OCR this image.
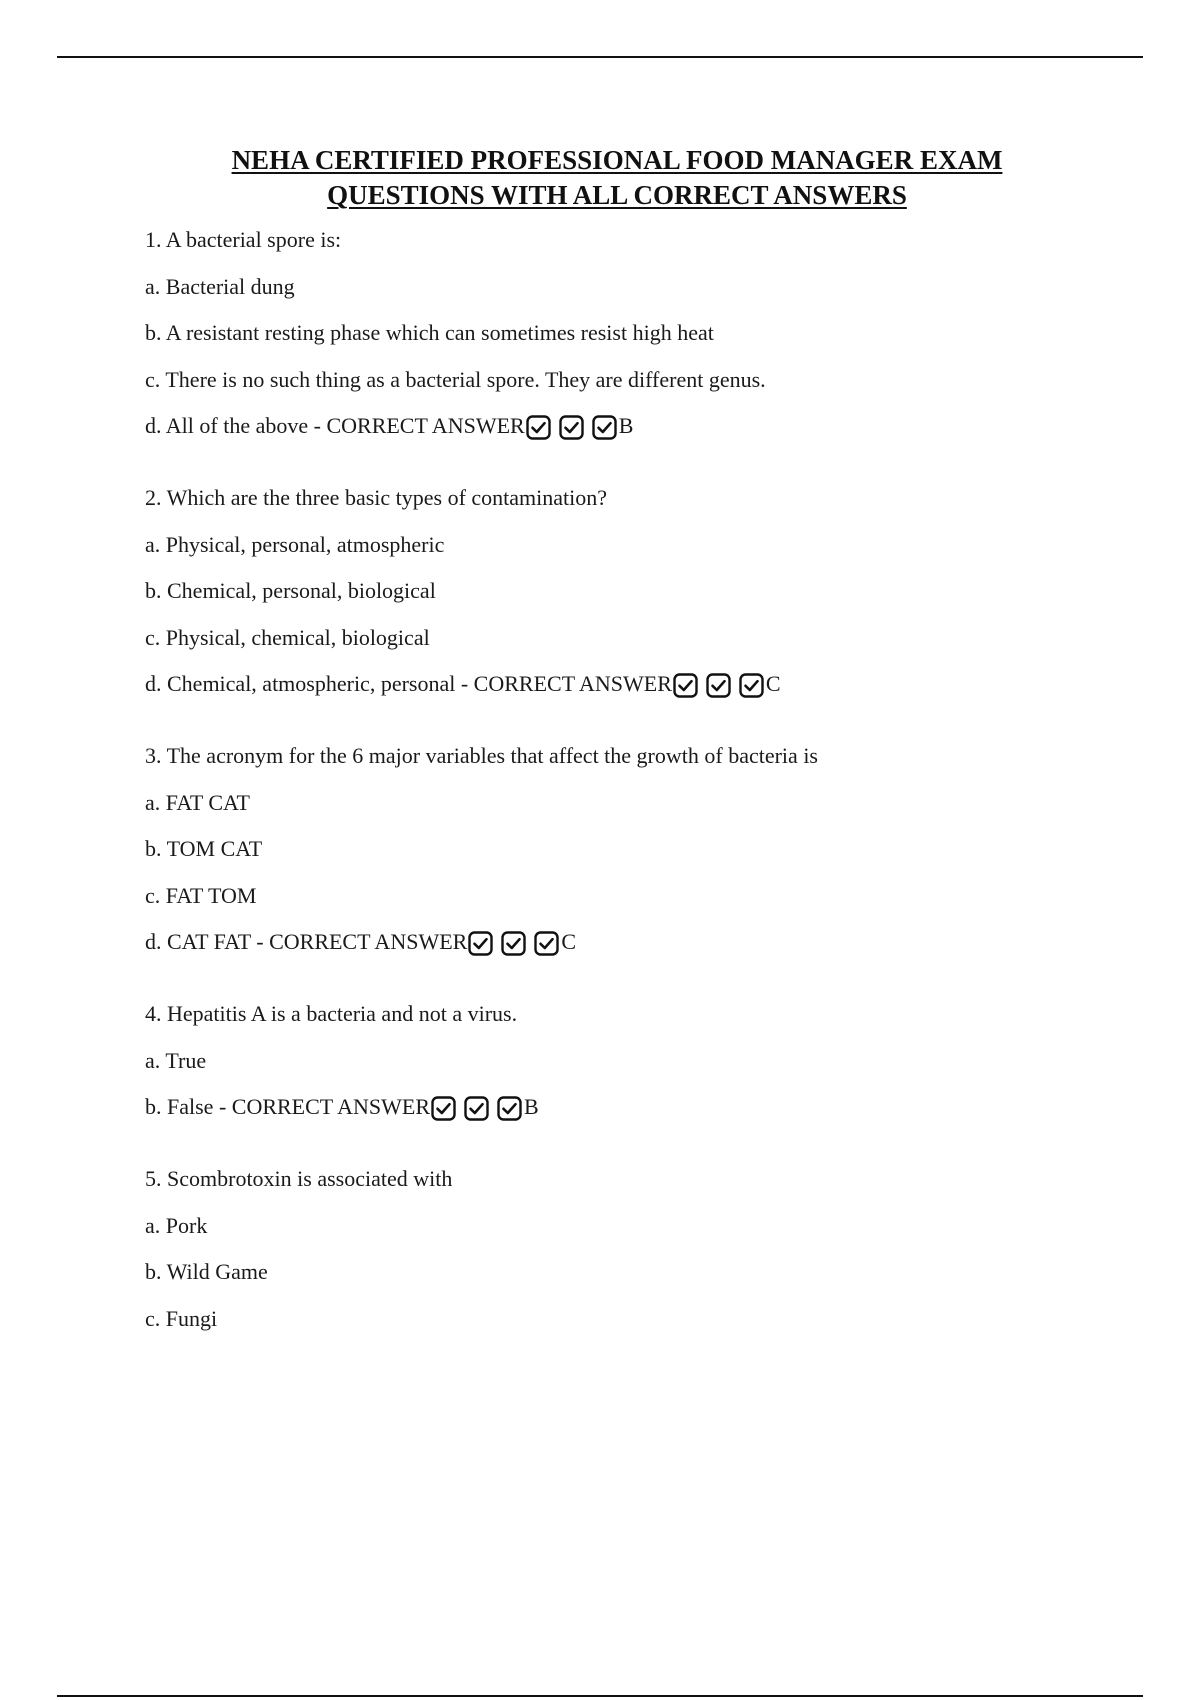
NEHA CERTIFIED PROFESSIONAL FOOD MANAGER EXAM
QUESTIONS WITH ALL CORRECT ANSWERS
1. A bacterial spore is:
a. Bacterial dung
b. A resistant resting phase which can sometimes resist high heat
c. There is no such thing as a bacterial spore. They are different genus.
d. All of the above - CORRECT ANSWER	B
2. Which are the three basic types of contamination?
a. Physical, personal, atmospheric
b. Chemical, personal, biological
c. Physical, chemical, biological
d. Chemical, atmospheric, personal - CORRECT ANSWER	C
3. The acronym for the 6 major variables that affect the growth of bacteria is
a. FAT CAT
b. TOM CAT
c. FAT TOM
d. CAT FAT - CORRECT ANSWER	C
4. Hepatitis A is a bacteria and not a virus.
a. True
b. False - CORRECT ANSWER	B
5. Scombrotoxin is associated with
a. Pork
b. Wild Game
c. Fungi
